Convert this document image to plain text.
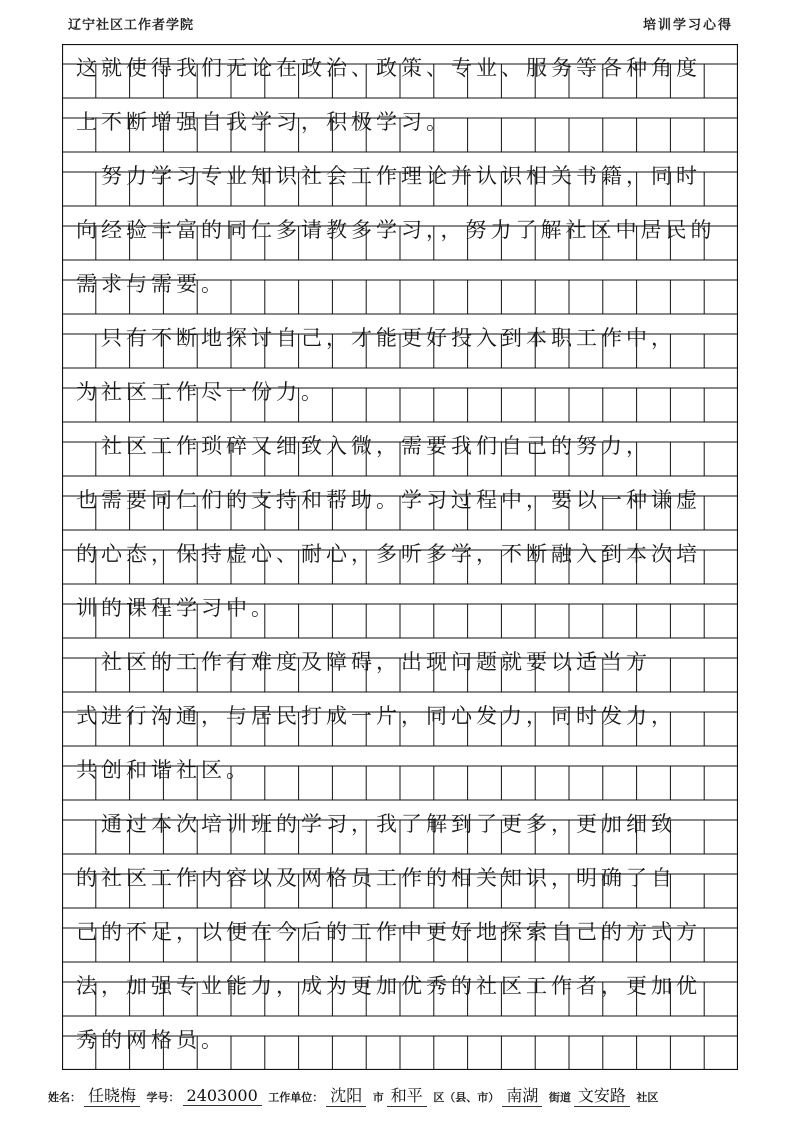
辽宁社区工作者学院	培训学习心得
这就使得我们无论在政治、政策、专业、服务等各种角度
上不断增强自我学习，积极学习。
　努力学习专业知识社会工作理论并认识相关书籍，同时
向经验丰富的同仁多请教多学习，，努力了解社区中居民的
需求与需要。
　只有不断地探讨自己，才能更好投入到本职工作中，
为社区工作尽一份力。
　社区工作琐碎又细致入微，需要我们自己的努力，
也需要同仁们的支持和帮助。学习过程中，要以一种谦虚
的心态，保持虚心、耐心，多听多学，不断融入到本次培
训的课程学习中。
　社区的工作有难度及障碍，出现问题就要以适当方
式进行沟通，与居民打成一片，同心发力，同时发力，
共创和谐社区。
　通过本次培训班的学习，我了解到了更多，更加细致
的社区工作内容以及网格员工作的相关知识，明确了自
己的不足，以便在今后的工作中更好地探索自己的方式方
法，加强专业能力，成为更加优秀的社区工作者，更加优
秀的网格员。
姓名： 任晓梅 学号： 2403000 工作单位： 沈阳 市 和平 区（县、市） 南湖 街道 文安路 社区
